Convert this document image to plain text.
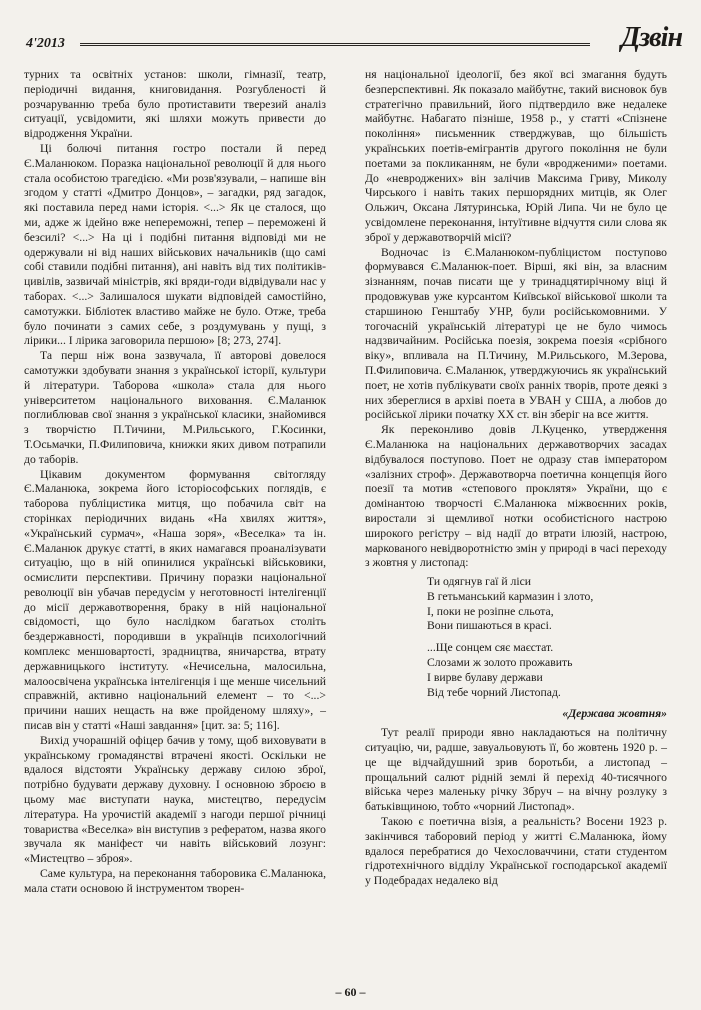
4'2013	Дзвін

турних та освітніх установ: школи, гімназії, театр, періодичні видання, книговидання. Розгубленості й розчаруванню треба було протиставити тверезий аналіз ситуації, усвідомити, які шляхи можуть привести до відродження України.

Ці болючі питання гостро постали й перед Є.Маланюком. Поразка національної революції й для нього стала особистою трагедією. «Ми розв'язували, – напише він згодом у статті «Дмитро Донцов», – загадки, ряд загадок, які поставила перед нами історія. <...> Як це сталося, що ми, адже ж ідейно вже непереможні, тепер – переможені й безсилі? <...> На ці і подібні питання відповіді ми не одержували ні від наших військових начальників (що самі собі ставили подібні питання), ані навіть від тих політиків-цивілів, зазвичай міністрів, які вряди-годи відвідували нас у таборах. <...> Залишалося шукати відповідей самостійно, самотужки. Бібліотек властиво майже не було. Отже, треба було починати з самих себе, з роздумувань у пущі, з лірики... І лірика заговорила першою» [8; 273, 274].

Та перш ніж вона зазвучала, її авторові довелося самотужки здобувати знання з української історії, культури й літератури. Таборова «школа» стала для нього університетом національного виховання. Є.Маланюк поглиблював свої знання з української класики, знайомився з творчістю П.Тичини, М.Рильського, Г.Косинки, Т.Осьмачки, П.Филиповича, книжки яких дивом потрапили до таборів.

Цікавим документом формування світогляду Є.Маланюка, зокрема його історіософських поглядів, є таборова публіцистика митця, що побачила світ на сторінках періодичних видань «На хвилях життя», «Український сурмач», «Наша зоря», «Веселка» та ін. Є.Маланюк друкує статті, в яких намагався проаналізувати ситуацію, що в ній опинилися українські військовики, осмислити перспективи. Причину поразки національної революції він убачав передусім у неготовності інтелігенції до місії державотворення, браку в ній національної свідомості, що було наслідком багатьох століть бездержавності, породивши в українців психологічний комплекс меншовартості, зрадництва, яничарства, втрату державницького інституту. «Нечисельна, малосильна, малоосвічена українська інтелігенція і ще менше чисельний справжній, активно національний елемент – то <...> причини наших нещасть на вже пройденому шляху», – писав він у статті «Наші завдання» [цит. за: 5; 116].

Вихід учорашній офіцер бачив у тому, щоб виховувати в українському громадянстві втрачені якості. Оскільки не вдалося відстояти Українську державу силою зброї, потрібно будувати державу духовну. І основною зброєю в цьому має виступати наука, мистецтво, передусім література. На урочистій академії з нагоди першої річниці товариства «Веселка» він виступив з рефератом, назва якого звучала як маніфест чи навіть військовий лозунг: «Мистецтво – зброя».

Саме культура, на переконання таборовика Є.Маланюка, мала стати основою й інструментом творен-

ня національної ідеології, без якої всі змагання будуть безперспективні. Як показало майбутнє, такий висновок був стратегічно правильний, його підтвердило вже недалеке майбутнє. Набагато пізніше, 1958 р., у статті «Спізнене покоління» письменник стверджував, що більшість українських поетів-емігрантів другого покоління не були поетами за покликанням, не були «вродженими» поетами. До «невроджених» він залічив Максима Гриву, Миколу Чирського і навіть таких першорядних митців, як Олег Ольжич, Оксана Лятуринська, Юрій Липа. Чи не було це усвідомлене переконання, інтуїтивне відчуття сили слова як зброї у державотворчій місії?

Водночас із Є.Маланюком-публіцистом поступово формувався Є.Маланюк-поет. Вірші, які він, за власним зізнанням, почав писати ще у тринадцятирічному віці й продовжував уже курсантом Київської військової школи та старшиною Генштабу УНР, були російськомовними. У тогочасній українській літературі це не було чимось надзвичайним. Російська поезія, зокрема поезія «срібного віку», впливала на П.Тичину, М.Рильського, М.Зерова, П.Филиповича. Є.Маланюк, утверджуючись як український поет, не хотів публікувати своїх ранніх творів, проте деякі з них збереглися в архіві поета в УВАН у США, а любов до російської лірики початку ХХ ст. він зберіг на все життя.

Як переконливо довів Л.Куценко, утвердження Є.Маланюка на національних державотворчих засадах відбувалося поступово. Поет не одразу став імператором «залізних строф». Державотворча поетична концепція його поезії та мотив «степового проклятя» України, що є домінантою творчості Є.Маланюка міжвоєнних років, виростали зі щемливої нотки особистісного настрою широкого регістру – від надії до втрати ілюзій, настрою, маркованого невідворотністю змін у природі в часі переходу з жовтня у листопад:

Ти одягнув гаї й ліси
В гетьманський кармазин і злото,
І, поки не розіпне сльота,
Вони пишаються в красі.
...Ще сонцем сяє маєстат.
Слозами ж золото прожавить
І вирве булаву держави
Від тебе чорний Листопад.
«Держава жовтня»

Тут реалії природи явно накладаються на політичну ситуацію, чи, радше, завуальовують її, бо жовтень 1920 р. – це ще відчайдушний зрив боротьби, а листопад – прощальний салют рідній землі й перехід 40-тисячного війська через маленьку річку Збруч – на вічну розлуку з батьківщиною, тобто «чорний Листопад».

Такою є поетична візія, а реальність? Восени 1923 р. закінчився таборовий період у житті Є.Маланюка, йому вдалося перебратися до Чехословаччини, стати студентом гідротехнічного відділу Української господарської академії у Подебрадах недалеко від

– 60 –
